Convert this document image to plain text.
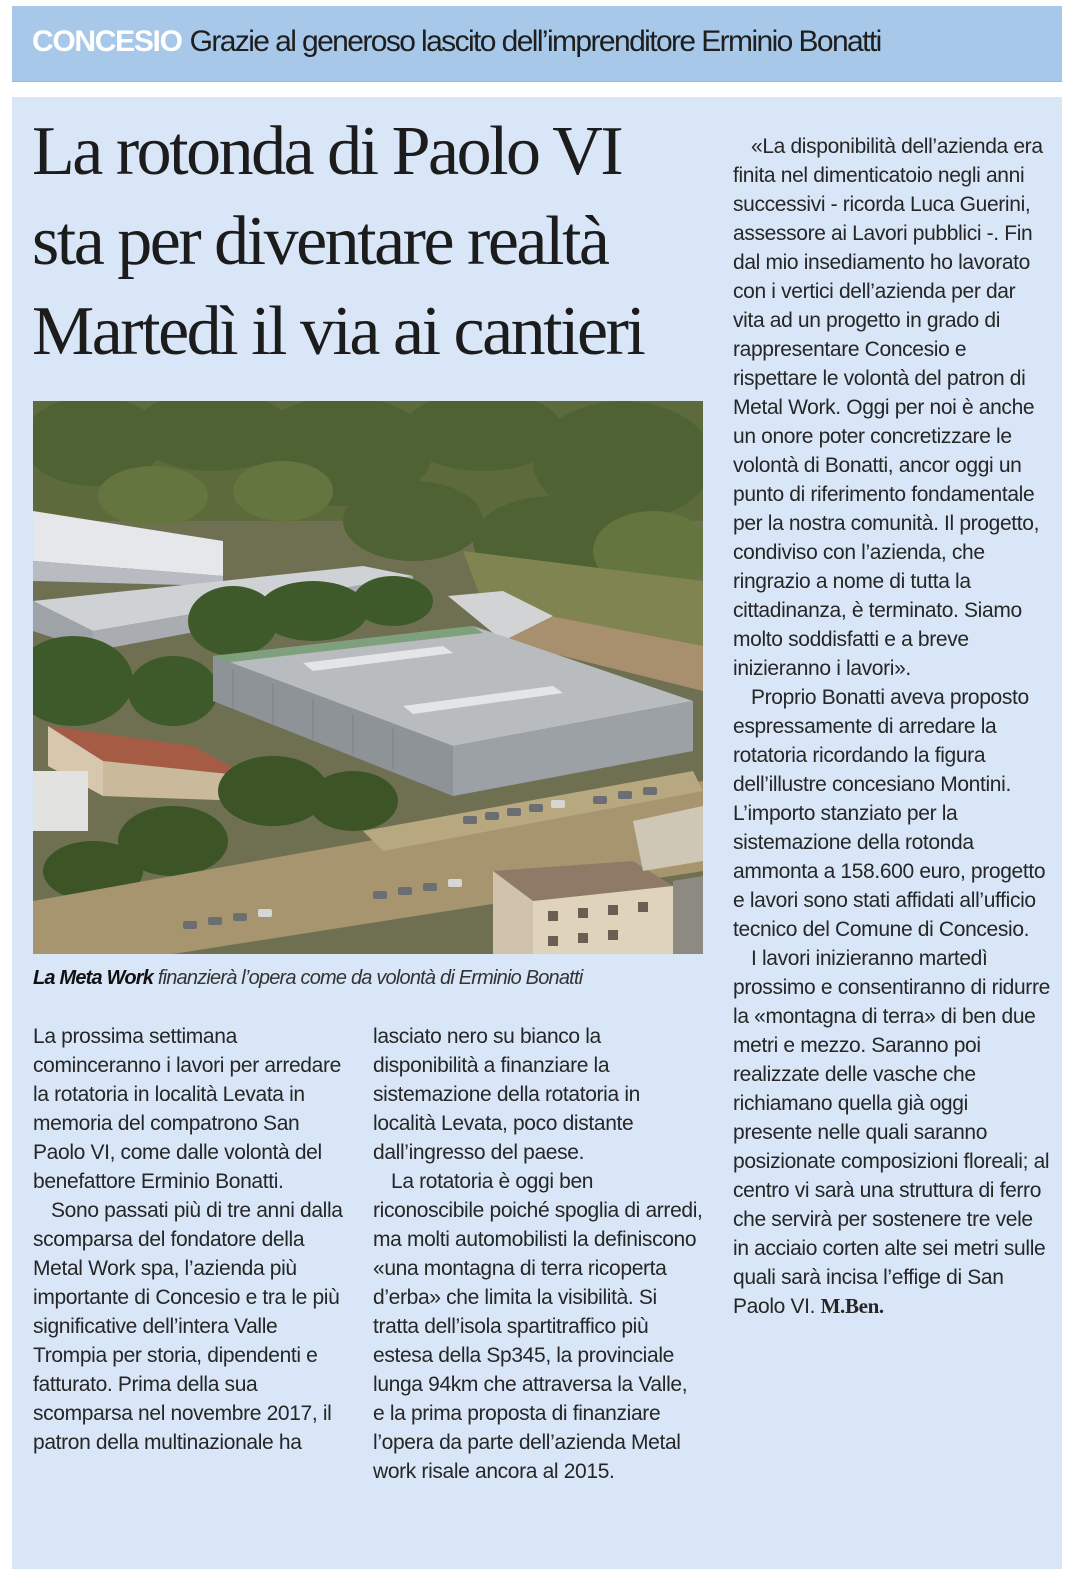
CONCESIO Grazie al generoso lascito dell’imprenditore Erminio Bonatti
La rotonda di Paolo VI
sta per diventare realtà
Martedì il via ai cantieri
La Meta Work finanzierà l’opera come da volontà di Erminio Bonatti

La prossima settimana cominceranno i lavori per arredare la rotatoria in località Levata in memoria del compatrono San Paolo VI, come dalle volontà del benefattore Erminio Bonatti.

Sono passati più di tre anni dalla scomparsa del fondatore della Metal Work spa, l’azienda più importante di Concesio e tra le più significative dell’intera Valle Trompia per storia, dipendenti e fatturato. Prima della sua scomparsa nel novembre 2017, il patron della multinazionale ha

lasciato nero su bianco la disponibilità a finanziare la sistemazione della rotatoria in località Levata, poco distante dall’ingresso del paese.

La rotatoria è oggi ben riconoscibile poiché spoglia di arredi, ma molti automobilisti la definiscono «una montagna di terra ricoperta d’erba» che limita la visibilità. Si tratta dell’isola spartitraffico più estesa della Sp345, la provinciale lunga 94km che attraversa la Valle, e la prima proposta di finanziare l’opera da parte dell’azienda Metal work risale ancora al 2015.

«La disponibilità dell’azienda era finita nel dimenticatoio negli anni successivi - ricorda Luca Guerini, assessore ai Lavori pubblici -. Fin dal mio insediamento ho lavorato con i vertici dell’azienda per dar vita ad un progetto in grado di rappresentare Concesio e rispettare le volontà del patron di Metal Work. Oggi per noi è anche un onore poter concretizzare le volontà di Bonatti, ancor oggi un punto di riferimento fondamentale per la nostra comunità. Il progetto, condiviso con l’azienda, che ringrazio a nome di tutta la cittadinanza, è terminato. Siamo molto soddisfatti e a breve inizieranno i lavori».

Proprio Bonatti aveva proposto espressamente di arredare la rotatoria ricordando la figura dell’illustre concesiano Montini. L’importo stanziato per la sistemazione della rotonda ammonta a 158.600 euro, progetto e lavori sono stati affidati all’ufficio tecnico del Comune di Concesio.

I lavori inizieranno martedì prossimo e consentiranno di ridurre la «montagna di terra» di ben due metri e mezzo. Saranno poi realizzate delle vasche che richiamano quella già oggi presente nelle quali saranno posizionate composizioni floreali; al centro vi sarà una struttura di ferro che servirà per sostenere tre vele in acciaio corten alte sei metri sulle quali sarà incisa l’effige di San Paolo VI. M.Ben.
